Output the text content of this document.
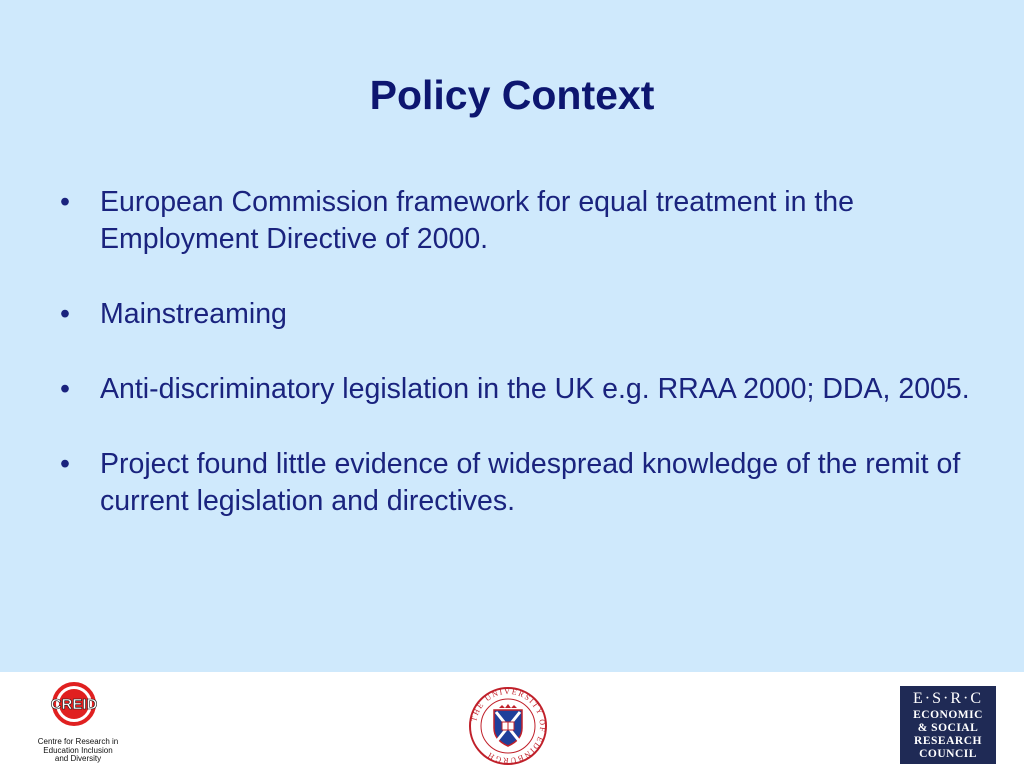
Policy Context
•	European Commission framework for equal treatment in the Employment Directive of 2000.
•	Mainstreaming
•	Anti-discriminatory legislation in the UK e.g. RRAA 2000; DDA, 2005.
•	Project found little evidence of widespread knowledge of the remit of current legislation and directives.
CREID
Centre for Research in Education Inclusion and Diversity
THE UNIVERSITY OF EDINBURGH
E·S·R·C
ECONOMIC
& SOCIAL
RESEARCH
COUNCIL
